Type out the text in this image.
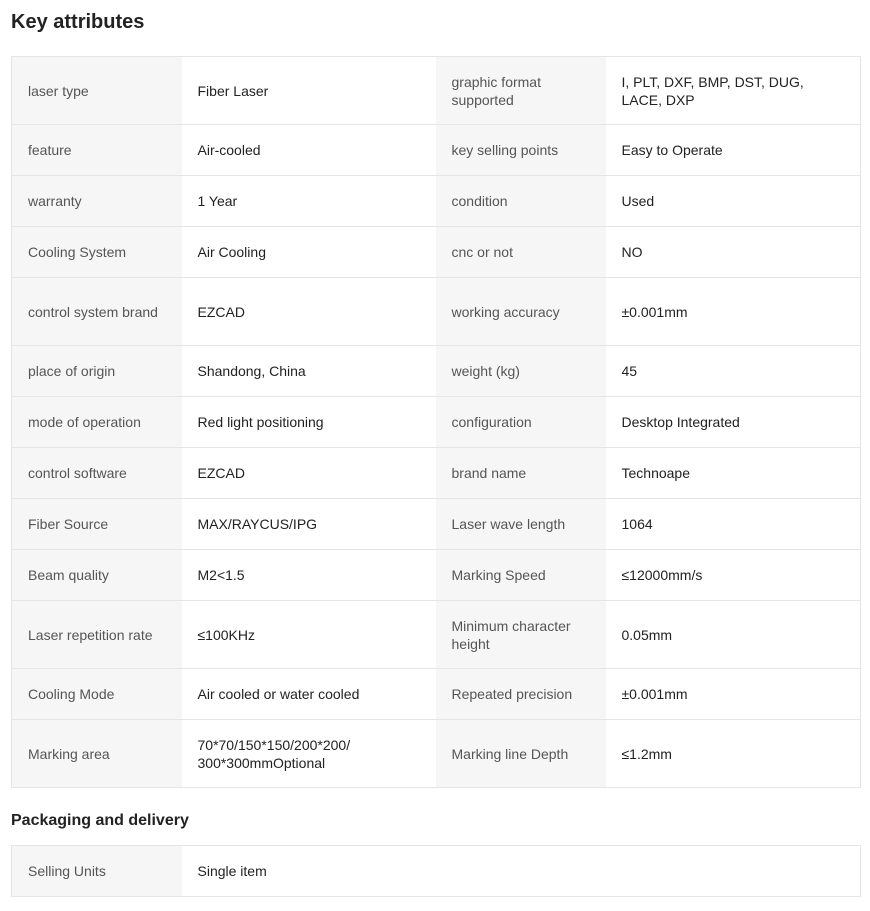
Key attributes
laser type	Fiber Laser	graphic format supported	I, PLT, DXF, BMP, DST, DUG, LACE, DXP
feature	Air-cooled	key selling points	Easy to Operate
warranty	1 Year	condition	Used
Cooling System	Air Cooling	cnc or not	NO
control system brand	EZCAD	working accuracy	±0.001mm
place of origin	Shandong, China	weight (kg)	45
mode of operation	Red light positioning	configuration	Desktop Integrated
control software	EZCAD	brand name	Technoape
Fiber Source	MAX/RAYCUS/IPG	Laser wave length	1064
Beam quality	M2<1.5	Marking Speed	≤12000mm/s
Laser repetition rate	≤100KHz	Minimum character height	0.05mm
Cooling Mode	Air cooled or water cooled	Repeated precision	±0.001mm
Marking area	70*70/150*150/200*200/ 300*300mmOptional	Marking line Depth	≤1.2mm
Packaging and delivery
Selling Units	Single item
